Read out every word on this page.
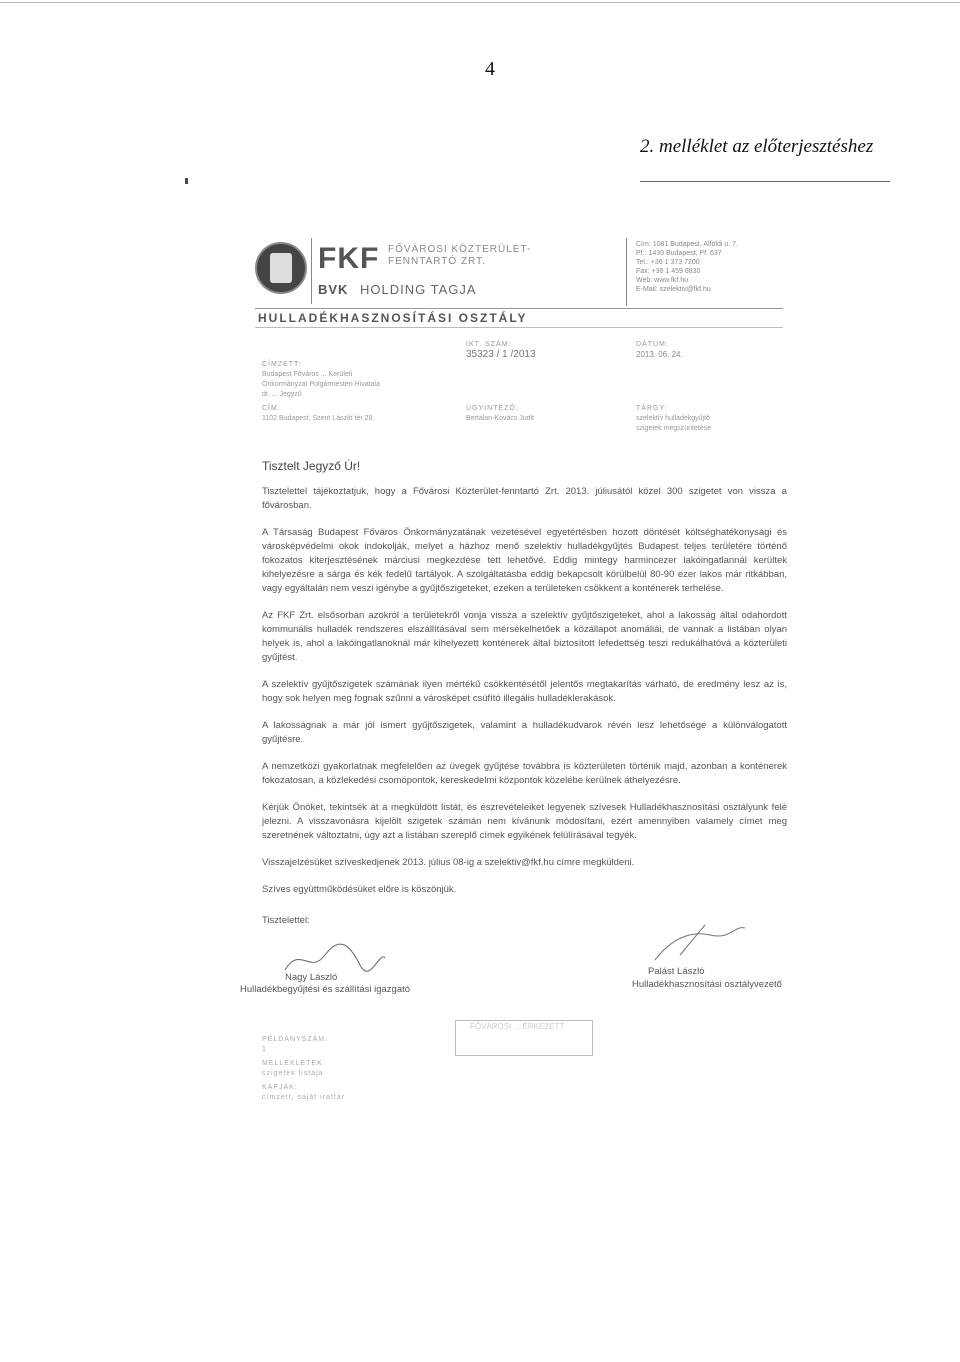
4
2. melléklet az előterjesztéshez
FKF FŐVÁROSI KÖZTERÜLET-
FENNTARTÓ ZRT.
BVK HOLDING TAGJA
Cím: 1081 Budapest, Alföldi u. 7.
Pf.: 1439 Budapest, Pf. 637
Tel.: +36 1 373 7200
Fax: +36 1 459 6830
Web: www.fkf.hu
E-Mail: szelektiv@fkf.hu
HULLADÉKHASZNOSÍTÁSI OSZTÁLY
CÍMZETT:
Budapest Főváros ... Kerületi
Önkormányzat Polgármesteri Hivatala
dr. ... Jegyző
IKT. SZÁM:
35323 / 1 /2013
DÁTUM:
2013. 06. 24.
CÍM:
1102 Budapest, Szent László tér 29.
ÜGYINTÉZŐ:
Bertalan-Kovács Judit
TÁRGY:
szelektív hulladékgyűjtő
szigetek megszüntetése
Tisztelt Jegyző Úr!

Tisztelettel tájékoztatjuk, hogy a Fővárosi Közterület-fenntartó Zrt. 2013. júliusától közel 300 szigetet von vissza a fővárosban.

A Társaság Budapest Főváros Önkormányzatának vezetésével egyetértésben hozott döntését költséghatékonysági és városképvédelmi okok indokolják, melyet a házhoz menő szelektív hulladékgyűjtés Budapest teljes területére történő fokozatos kiterjesztésének márciusi megkezdése tett lehetővé. Eddig mintegy harmincezer lakóingatlannál kerültek kihelyezésre a sárga és kék fedelű tartályok. A szolgáltatásba eddig bekapcsolt körülbelül 80-90 ezer lakos már ritkábban, vagy egyáltalán nem veszi igénybe a gyűjtőszigeteket, ezeken a területeken csökkent a konténerek terhelése.

Az FKF Zrt. elsősorban azokról a területekről vonja vissza a szelektív gyűjtőszigeteket, ahol a lakosság által odahordott kommunális hulladék rendszeres elszállításával sem mérsékelhetőek a közállapot anomáliái, de vannak a listában olyan helyek is, ahol a lakóingatlanoknál már kihelyezett konténerek által biztosított lefedettség teszi redukálhatóvá a közterületi gyűjtést.

A szelektív gyűjtőszigetek számának ilyen mértékű csökkentésétől jelentős megtakarítás várható, de eredmény lesz az is, hogy sok helyen meg fognak szűnni a városképet csúfító illegális hulladéklerakások.

A lakosságnak a már jól ismert gyűjtőszigetek, valamint a hulladékudvarok révén lesz lehetősége a különválogatott gyűjtésre.

A nemzetközi gyakorlatnak megfelelően az üvegek gyűjtése továbbra is közterületen történik majd, azonban a konténerek fokozatosan, a közlekedési csomópontok, kereskedelmi központok közelébe kerülnek áthelyezésre.

Kérjük Önöket, tekintsék át a megküldött listát, és észrevételeiket legyenek szívesek Hulladékhasznosítási osztályunk felé jelezni. A visszavonásra kijelölt szigetek számán nem kívánunk módosítani, ezért amennyiben valamely címet meg szeretnének változtatni, úgy azt a listában szereplő címek egyikének felülírásával tegyék.

Visszajelzésüket szíveskedjenek 2013. július 08-ig a szelektiv@fkf.hu címre megküldeni.

Szíves együttműködésüket előre is köszönjük.

Tisztelettel:
Nagy László
Hulladékbegyűjtési és szállítási igazgató
Palást László
Hulladékhasznosítási osztályvezető
FŐVÁROSI ... ÉRKEZETT
PÉLDÁNYSZÁM:
1
MELLÉKLETEK:
szigetek listája
KAPJÁK:
címzett, saját irattár
